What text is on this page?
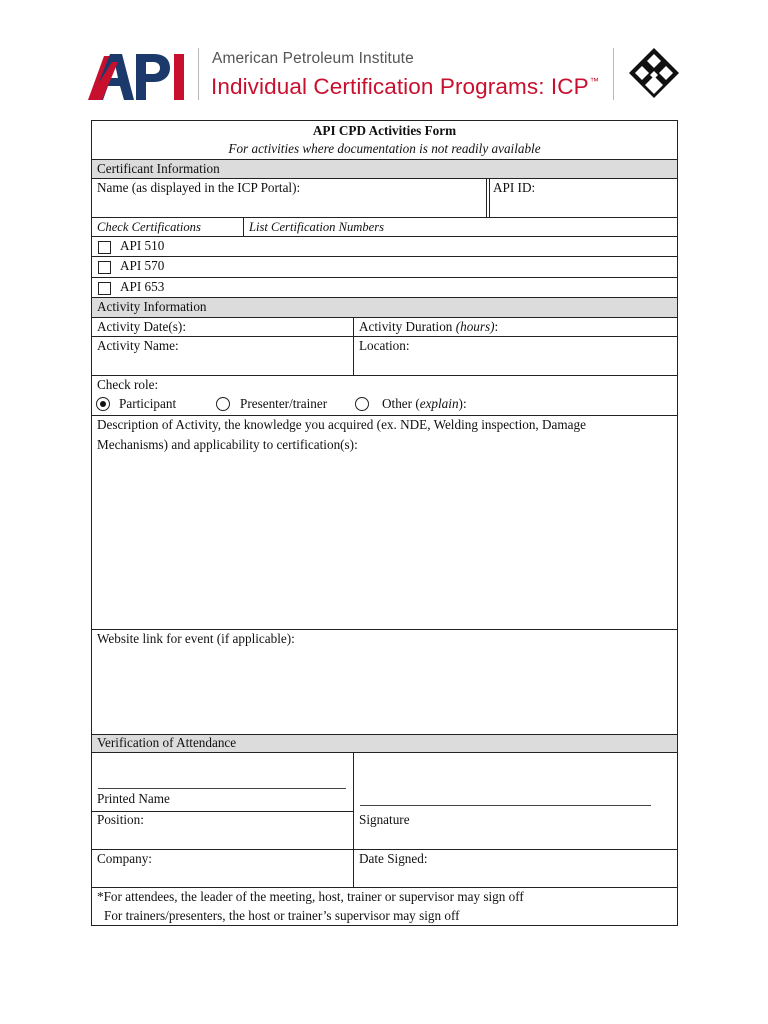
American Petroleum Institute
Individual Certification Programs: ICP™
API CPD Activities Form
For activities where documentation is not readily available
Certificant Information
Name (as displayed in the ICP Portal):	API ID:
Check Certifications	List Certification Numbers
API 510
API 570
API 653
Activity Information
Activity Date(s):	Activity Duration (hours):
Activity Name:	Location:
Check role:
Participant	Presenter/trainer	Other (explain):
Description of Activity, the knowledge you acquired (ex. NDE, Welding inspection, Damage
Mechanisms) and applicability to certification(s):
Website link for event (if applicable):
Verification of Attendance
Printed Name
Position:	Signature
Company:	Date Signed:
*For attendees, the leader of the meeting, host, trainer or supervisor may sign off
For trainers/presenters, the host or trainer’s supervisor may sign off
